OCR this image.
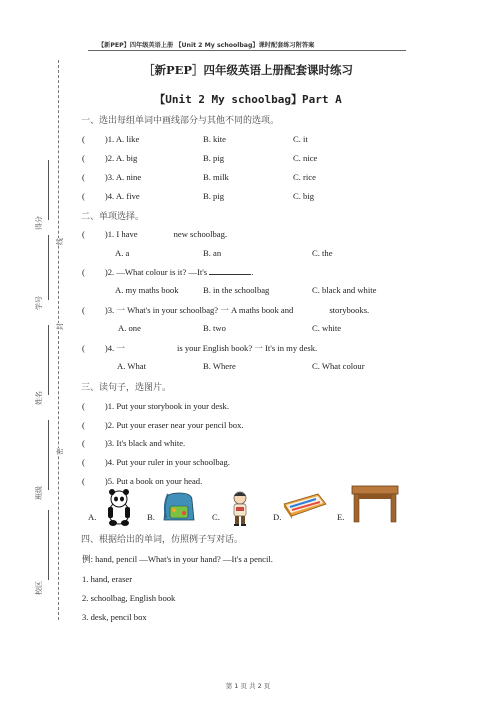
【新PEP】四年级英语上册 【Unit 2 My schoolbag】课时配套练习附答案
校区
班级
姓名
学号
得分
密
封
线
［新PEP］四年级英语上册配套课时练习
【Unit 2 My schoolbag】Part A
一、选出每组单词中画线部分与其他不同的选项。
( )1. A. like	B. kite	C. it
( )2. A. big	B. pig	C. nice
( )3. A. nine	B. milk	C. rice
( )4. A. five	B. pig	C. big
二、单项选择。
( )1. I have	new schoolbag.
A. a	B. an	C. the
( )2. —What colour is it? —It's	.
A. my maths book	B. in the schoolbag	C. black and white
( )3. 一 What's in your schoolbag? 一 A maths book and	storybooks.
A. one	B. two	C. white
( )4. 一	is your English book? 一 It's in my desk.
A. What	B. Where	C. What colour
三、读句子，选图片。
( )1. Put your storybook in your desk.
( )2. Put your eraser near your pencil box.
( )3. It's black and white.
( )4. Put your ruler in your schoolbag.
( )5. Put a book on your head.
A.	B.	C.	D.	E.
四、根据给出的单词，仿照例子写对话。
例: hand, pencil —What's in your hand? —It's a pencil.
1. hand, eraser
2. schoolbag, English book
3. desk, pencil box
第 1 页 共 2 页
